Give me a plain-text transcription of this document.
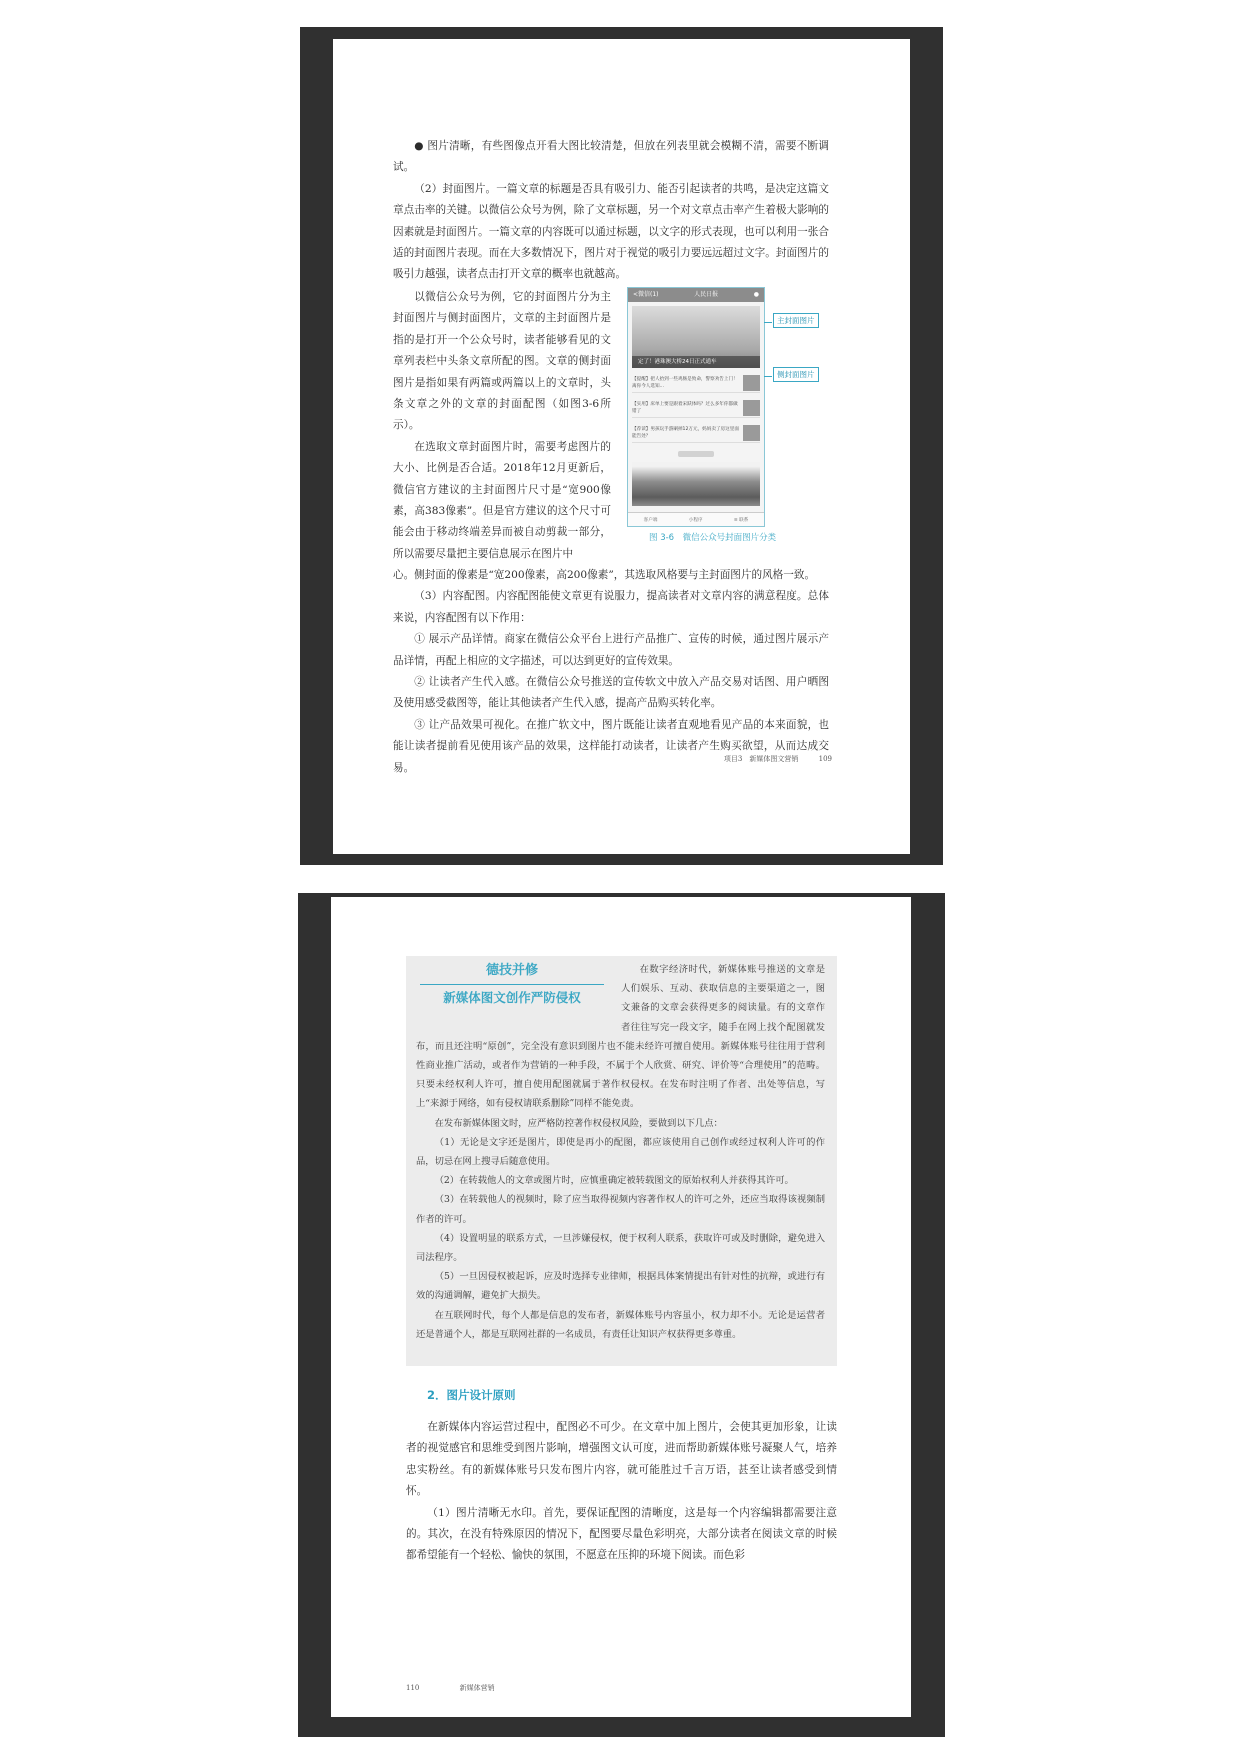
● 图片清晰，有些图像点开看大图比较清楚，但放在列表里就会模糊不清，需要不断调试。

（2）封面图片。一篇文章的标题是否具有吸引力、能否引起读者的共鸣，是决定这篇文章点击率的关键。以微信公众号为例，除了文章标题，另一个对文章点击率产生着极大影响的因素就是封面图片。一篇文章的内容既可以通过标题，以文字的形式表现，也可以利用一张合适的封面图片表现。而在大多数情况下，图片对于视觉的吸引力要远远超过文字。封面图片的吸引力越强，读者点击打开文章的概率也就越高。

以微信公众号为例，它的封面图片分为主封面图片与侧封面图片，文章的主封面图片是指的是打开一个公众号时，读者能够看见的文章列表栏中头条文章所配的图。文章的侧封面图片是指如果有两篇或两篇以上的文章时，头条文章之外的文章的封面配图（如图3-6所示）。

在选取文章封面图片时，需要考虑图片的大小、比例是否合适。2018年12月更新后，微信官方建议的主封面图片尺寸是“宽900像素，高383像素”。但是官方建议的这个尺寸可能会由于移动终端差异而被自动剪裁一部分，所以需要尽量把主要信息展示在图片中

<微信(1)	人民日报	●
定了！港珠澳大桥24日正式通车
【提醒】把人抬到一些鸡肠是致命，警察劝告上门！离你今人选知...
【实用】床单上要是跟着宋跃体吗？过么多年你都做错了
【荐读】男孩玩手游刷掉12万元，妈妈卖了房这里面能告处？
客户端	小程序	≡ 联系
主封面图片
侧封面图片
图 3-6　微信公众号封面图片分类

心。侧封面的像素是“宽200像素，高200像素”，其选取风格要与主封面图片的风格一致。

（3）内容配图。内容配图能使文章更有说服力，提高读者对文章内容的满意程度。总体来说，内容配图有以下作用：

① 展示产品详情。商家在微信公众平台上进行产品推广、宣传的时候，通过图片展示产品详情，再配上相应的文字描述，可以达到更好的宣传效果。

② 让读者产生代入感。在微信公众号推送的宣传软文中放入产品交易对话图、用户晒图及使用感受截图等，能让其他读者产生代入感，提高产品购买转化率。

③ 让产品效果可视化。在推广软文中，图片既能让读者直观地看见产品的本来面貌，也能让读者提前看见使用该产品的效果，这样能打动读者，让读者产生购买欲望，从而达成交易。

项目3　新媒体图文营销	109

在数字经济时代，新媒体账号推送的文章是人们娱乐、互动、获取信息的主要渠道之一，图文兼备的文章会获得更多的阅读量。有的文章作者往往写完一段文字，随手在网上找个配图就发布，而且还注明“原创”，完全没有意识到图片也不能未经许可擅自使用。新媒体账号往往用于营利性商业推广活动，或者作为营销的一种手段，不属于个人欣赏、研究、评价等“合理使用”的范畴。只要未经权利人许可，擅自使用配图就属于著作权侵权。在发布时注明了作者、出处等信息，写上“来源于网络，如有侵权请联系删除”同样不能免责。

在发布新媒体图文时，应严格防控著作权侵权风险，要做到以下几点：

（1）无论是文字还是图片，即使是再小的配图，都应该使用自己创作或经过权利人许可的作品，切忌在网上搜寻后随意使用。

（2）在转载他人的文章或图片时，应慎重确定被转载图文的原始权利人并获得其许可。

（3）在转载他人的视频时，除了应当取得视频内容著作权人的许可之外，还应当取得该视频制作者的许可。

（4）设置明显的联系方式，一旦涉嫌侵权，便于权利人联系，获取许可或及时删除，避免进入司法程序。

（5）一旦因侵权被起诉，应及时选择专业律师，根据具体案情提出有针对性的抗辩，或进行有效的沟通调解，避免扩大损失。

在互联网时代，每个人都是信息的发布者，新媒体账号内容虽小，权力却不小。无论是运营者还是普通个人，都是互联网社群的一名成员，有责任让知识产权获得更多尊重。

德技并修
新媒体图文创作严防侵权
2．图片设计原则

在新媒体内容运营过程中，配图必不可少。在文章中加上图片，会使其更加形象，让读者的视觉感官和思维受到图片影响，增强图文认可度，进而帮助新媒体账号凝聚人气，培养忠实粉丝。有的新媒体账号只发布图片内容，就可能胜过千言万语，甚至让读者感受到情怀。

（1）图片清晰无水印。首先，要保证配图的清晰度，这是每一个内容编辑都需要注意的。其次，在没有特殊原因的情况下，配图要尽量色彩明亮，大部分读者在阅读文章的时候都希望能有一个轻松、愉快的氛围，不愿意在压抑的环境下阅读。而色彩

110	新媒体营销
